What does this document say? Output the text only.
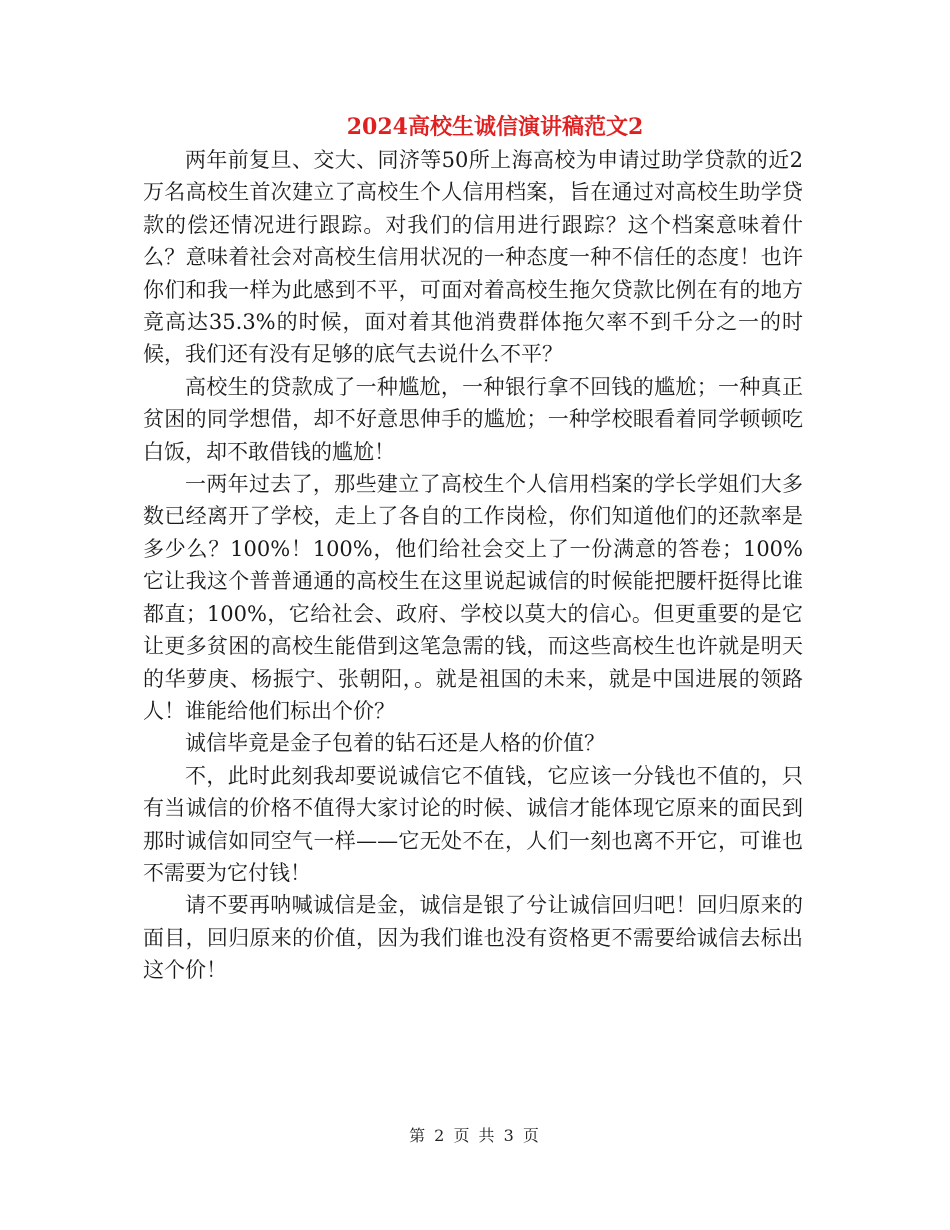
2024高校生诚信演讲稿范文2

两年前复旦、交大、同济等50所上海高校为申请过助学贷款的近2万名高校生首次建立了高校生个人信用档案，旨在通过对高校生助学贷款的偿还情况进行跟踪。对我们的信用进行跟踪？这个档案意味着什么？意味着社会对高校生信用状况的一种态度一种不信任的态度！也许你们和我一样为此感到不平，可面对着高校生拖欠贷款比例在有的地方竟高达35.3%的时候，面对着其他消费群体拖欠率不到千分之一的时候，我们还有没有足够的底气去说什么不平？

高校生的贷款成了一种尴尬，一种银行拿不回钱的尴尬；一种真正贫困的同学想借，却不好意思伸手的尴尬；一种学校眼看着同学顿顿吃白饭，却不敢借钱的尴尬！

一两年过去了，那些建立了高校生个人信用档案的学长学姐们大多数已经离开了学校，走上了各自的工作岗检，你们知道他们的还款率是多少么？100%！100%，他们给社会交上了一份满意的答卷；100%它让我这个普普通通的高校生在这里说起诚信的时候能把腰杆挺得比谁都直；100%，它给社会、政府、学校以莫大的信心。但更重要的是它让更多贫困的高校生能借到这笔急需的钱，而这些高校生也许就是明天的华萝庚、杨振宁、张朝阳，。就是祖国的未来，就是中国进展的领路人！谁能给他们标出个价？

诚信毕竟是金子包着的钻石还是人格的价值？

不，此时此刻我却要说诚信它不值钱，它应该一分钱也不值的，只有当诚信的价格不值得大家讨论的时候、诚信才能体现它原来的面民到那时诚信如同空气一样——它无处不在，人们一刻也离不开它，可谁也不需要为它付钱！

请不要再呐喊诚信是金，诚信是银了兮让诚信回归吧！回归原来的面目，回归原来的价值，因为我们谁也没有资格更不需要给诚信去标出这个价！

第 2 页 共 3 页
